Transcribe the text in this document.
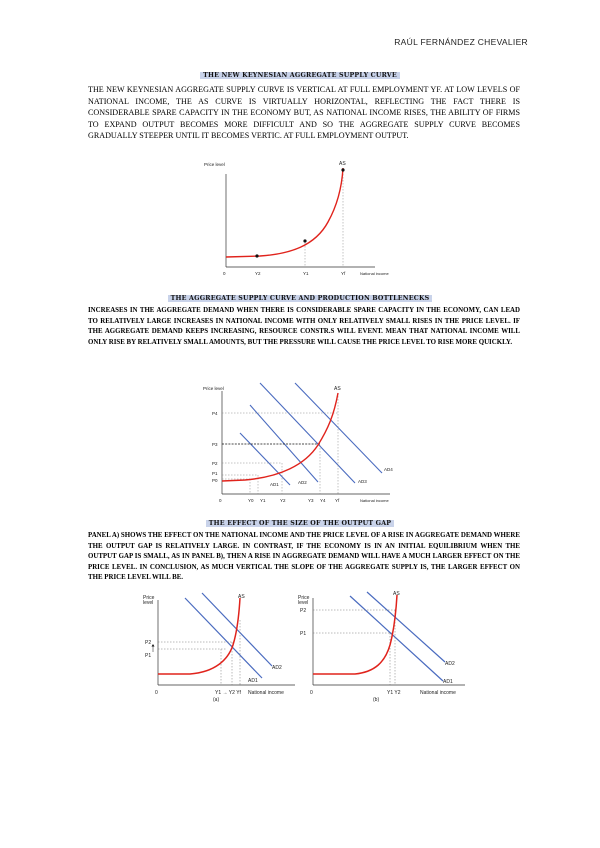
RAÚL FERNÁNDEZ CHEVALIER
THE NEW KEYNESIAN AGGREGATE SUPPLY CURVE
THE NEW KEYNESIAN AGGREGATE SUPPLY CURVE IS VERTICAL AT FULL EMPLOYMENT YF. AT LOW LEVELS OF NATIONAL INCOME, THE AS CURVE IS VIRTUALLY HORIZONTAL, REFLECTING THE FACT THERE IS CONSIDERABLE SPARE CAPACITY IN THE ECONOMY BUT, AS NATIONAL INCOME RISES, THE ABILITY OF FIRMS TO EXPAND OUTPUT BECOMES MORE DIFFICULT AND SO THE AGGREGATE SUPPLY CURVE BECOMES GRADUALLY STEEPER UNTIL IT BECOMES VERTIC. AT FULL EMPLOYMENT OUTPUT.
Price level	AS
0	Y2	Y1	Yf	National income
THE AGGREGATE SUPPLY CURVE AND PRODUCTION BOTTLENECKS
INCREASES IN THE AGGREGATE DEMAND WHEN THERE IS CONSIDERABLE SPARE CAPACITY IN THE ECONOMY, CAN LEAD TO RELATIVELY LARGE INCREASES IN NATIONAL INCOME WITH ONLY RELATIVELY SMALL RISES IN THE PRICE LEVEL. IF THE AGGREGATE DEMAND KEEPS INCREASING, RESOURCE CONSTR.S WILL EVENT. MEAN THAT NATIONAL INCOME WILL ONLY RISE BY RELATIVELY SMALL AMOUNTS, BUT THE PRESSURE WILL CAUSE THE PRICE LEVEL TO RISE MORE QUICKLY.
Price level	AS
P4
P3
P2
P1
P0
0	Y0 Y1	Y2	Y3 Y4 Yf	National income
AD1	AD2	AD3
AD4
THE EFFECT OF THE SIZE OF THE OUTPUT GAP
PANEL A) SHOWS THE EFFECT ON THE NATIONAL INCOME AND THE PRICE LEVEL OF A RISE IN AGGREGATE DEMAND WHERE THE OUTPUT GAP IS RELATIVELY LARGE. IN CONTRAST, IF THE ECONOMY IS IN AN INITIAL EQUILIBRIUM WHEN THE OUTPUT GAP IS SMALL, AS IN PANEL B), THEN A RISE IN AGGREGATE DEMAND WILL HAVE A MUCH LARGER EFFECT ON THE PRICE LEVEL. IN CONCLUSION, AS MUCH VERTICAL THE SLOPE OF THE AGGREGATE SUPPLY IS, THE LARGER EFFECT ON THE PRICE LEVEL WILL BE.
Price
level
AS
P2
P1
0	Y1 → Y2 Yf National income
(a)
AD1
AD2
Price
level
AS
P2
P1
0	Y1 Y2	National income
(b)
AD2
AD1
